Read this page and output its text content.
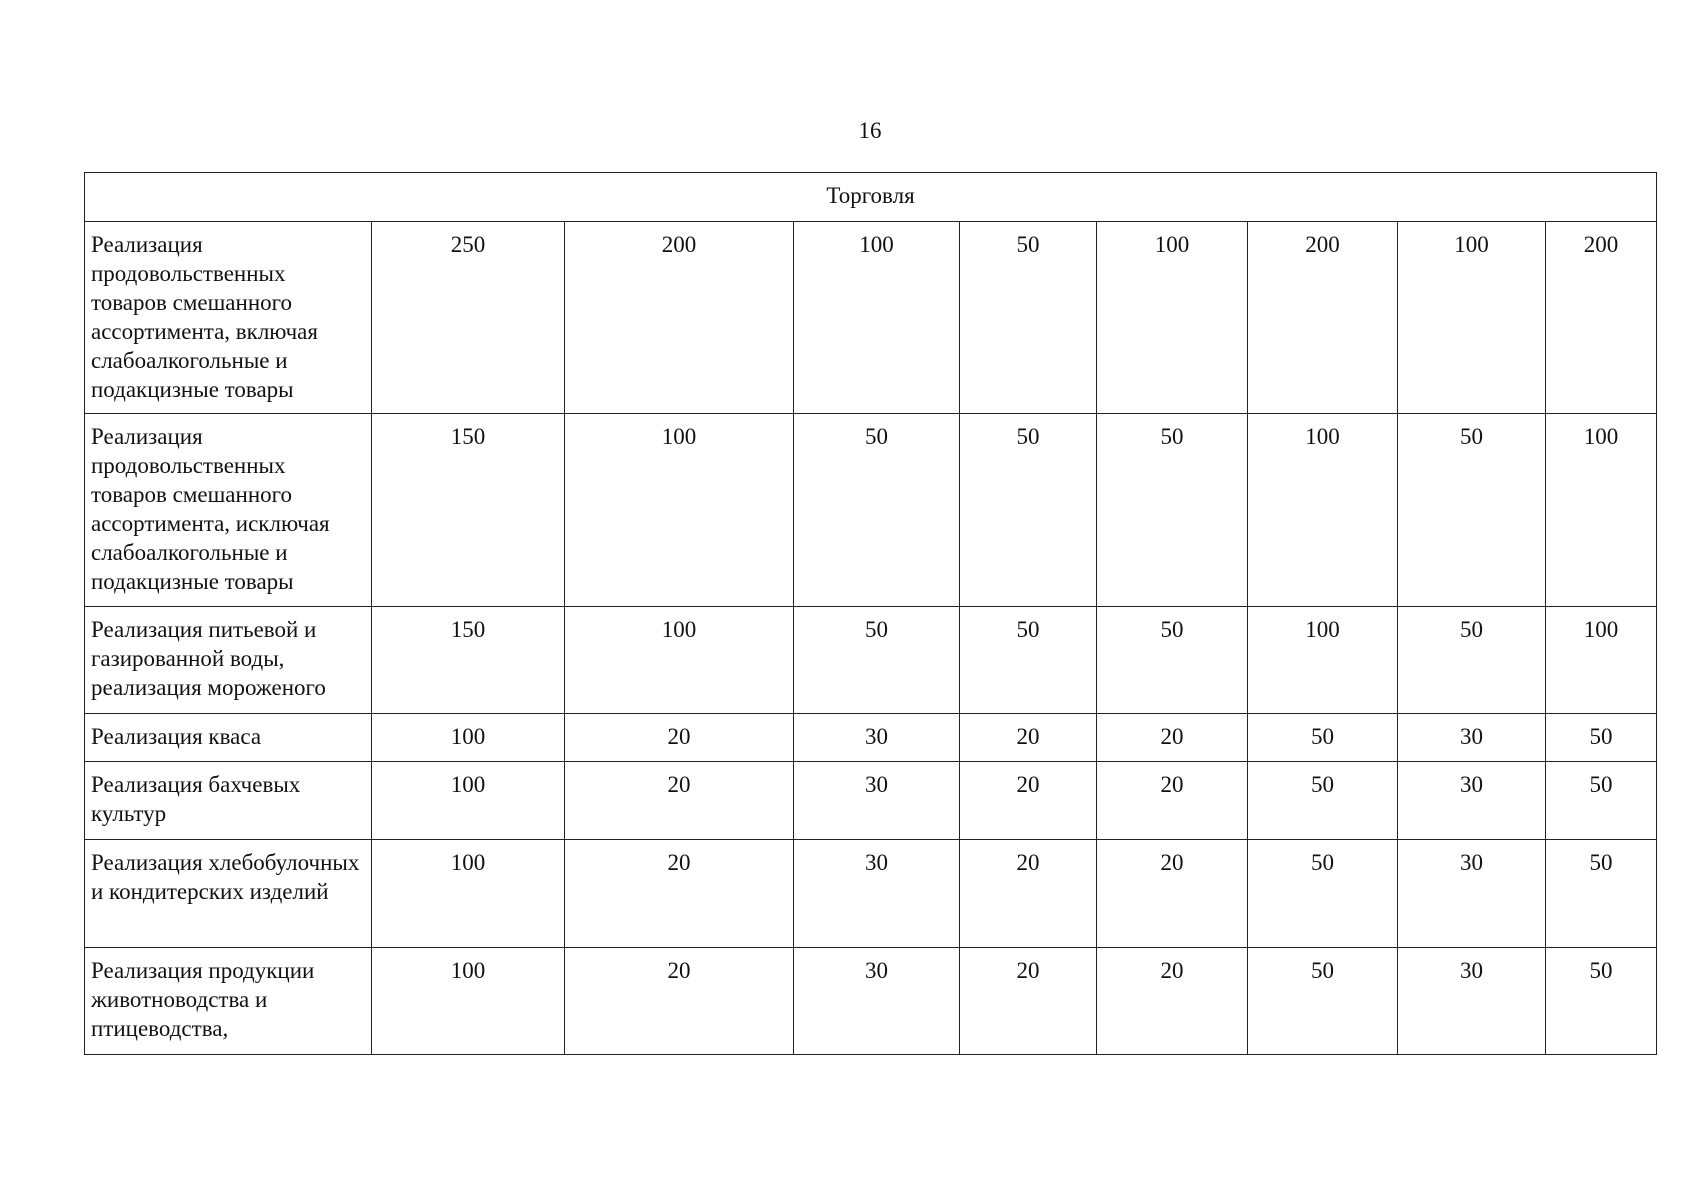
16
Торговля								
Реализация продовольственных товаров смешанного ассортимента, включая слабоалкогольные и подакцизные товары	250	200	100	50	100	200	100	200
Реализация продовольственных товаров смешанного ассортимента, исключая слабоалкогольные и подакцизные товары	150	100	50	50	50	100	50	100
Реализация питьевой и газированной воды, реализация мороженого	150	100	50	50	50	100	50	100
Реализация кваса	100	20	30	20	20	50	30	50
Реализация бахчевых культур	100	20	30	20	20	50	30	50
Реализация хлебобулочных и кондитерских изделий	100	20	30	20	20	50	30	50
Реализация продукции животноводства и птицеводства,	100	20	30	20	20	50	30	50
